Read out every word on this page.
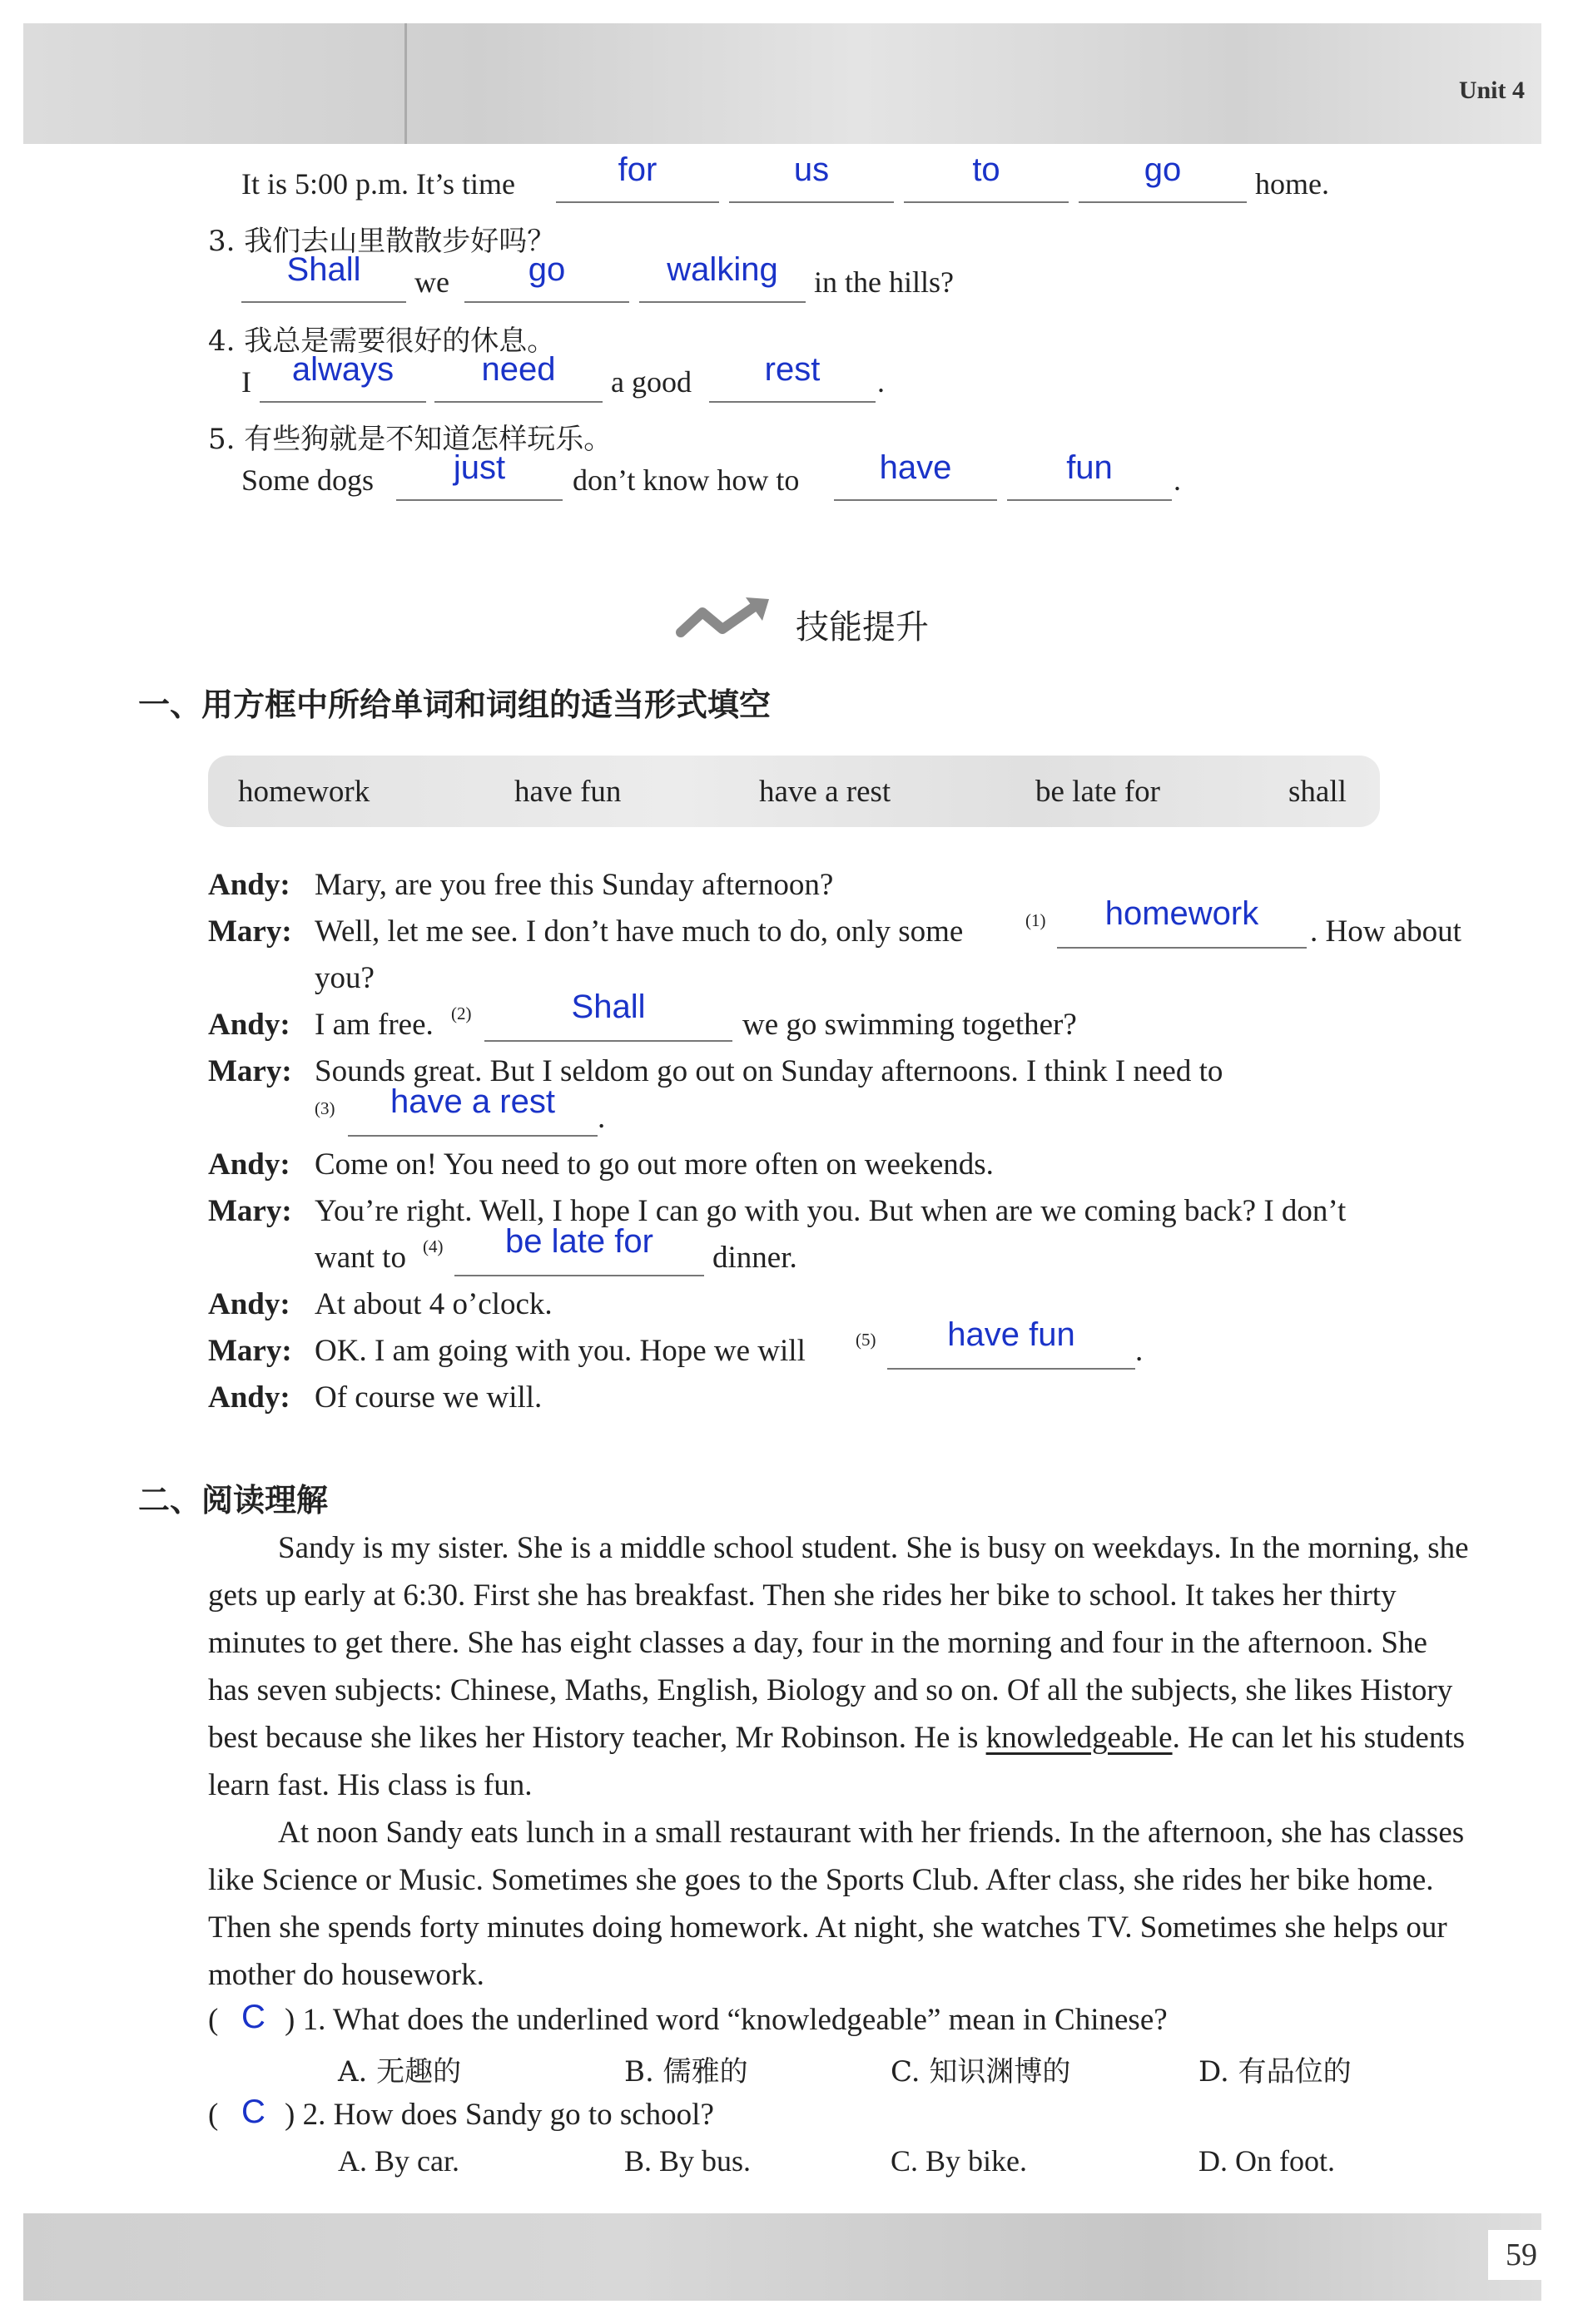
Unit 4
59
It is 5:00 p.m. It’s time	for	us	to	go	home.
3. 我们去山里散散步好吗？
Shall	we	go	walking	in the hills?
4. 我总是需要很好的休息。
I	always	need	a good	rest	.
5. 有些狗就是不知道怎样玩乐。
Some dogs	just	don’t know how to	have	fun	.
技能提升
一、用方框中所给单词和词组的适当形式填空
homework	have fun	have a rest	be late for	shall
Andy: Mary, are you free this Sunday afternoon?
Mary: Well, let me see. I don’t have much to do, only some	(1)	homework	. How about
you?
Andy: I am free. (2)	Shall	we go swimming together?
Mary: Sounds great. But I seldom go out on Sunday afternoons. I think I need to
(3)	have a rest	.
Andy: Come on! You need to go out more often on weekends.
Mary: You’re right. Well, I hope I can go with you. But when are we coming back? I don’t
want to (4)	be late for	dinner.
Andy: At about 4 o’clock.
Mary: OK. I am going with you. Hope we will	(5)	have fun	.
Andy: Of course we will.
二、阅读理解

Sandy is my sister. She is a middle school student. She is busy on weekdays. In the morning, she gets up early at 6:30. First she has breakfast. Then she rides her bike to school. It takes her thirty minutes to get there. She has eight classes a day, four in the morning and four in the afternoon. She has seven subjects: Chinese, Maths, English, Biology and so on. Of all the subjects, she likes History best because she likes her History teacher, Mr Robinson. He is knowledgeable. He can let his students learn fast. His class is fun.

At noon Sandy eats lunch in a small restaurant with her friends. In the afternoon, she has classes like Science or Music. Sometimes she goes to the Sports Club. After class, she rides her bike home. Then she spends forty minutes doing homework. At night, she watches TV. Sometimes she helps our mother do housework.

( C ) 1. What does the underlined word “knowledgeable” mean in Chinese?
A. 无趣的	B. 儒雅的	C. 知识渊博的	D. 有品位的
( C ) 2. How does Sandy go to school?
A. By car.	B. By bus.	C. By bike.	D. On foot.
